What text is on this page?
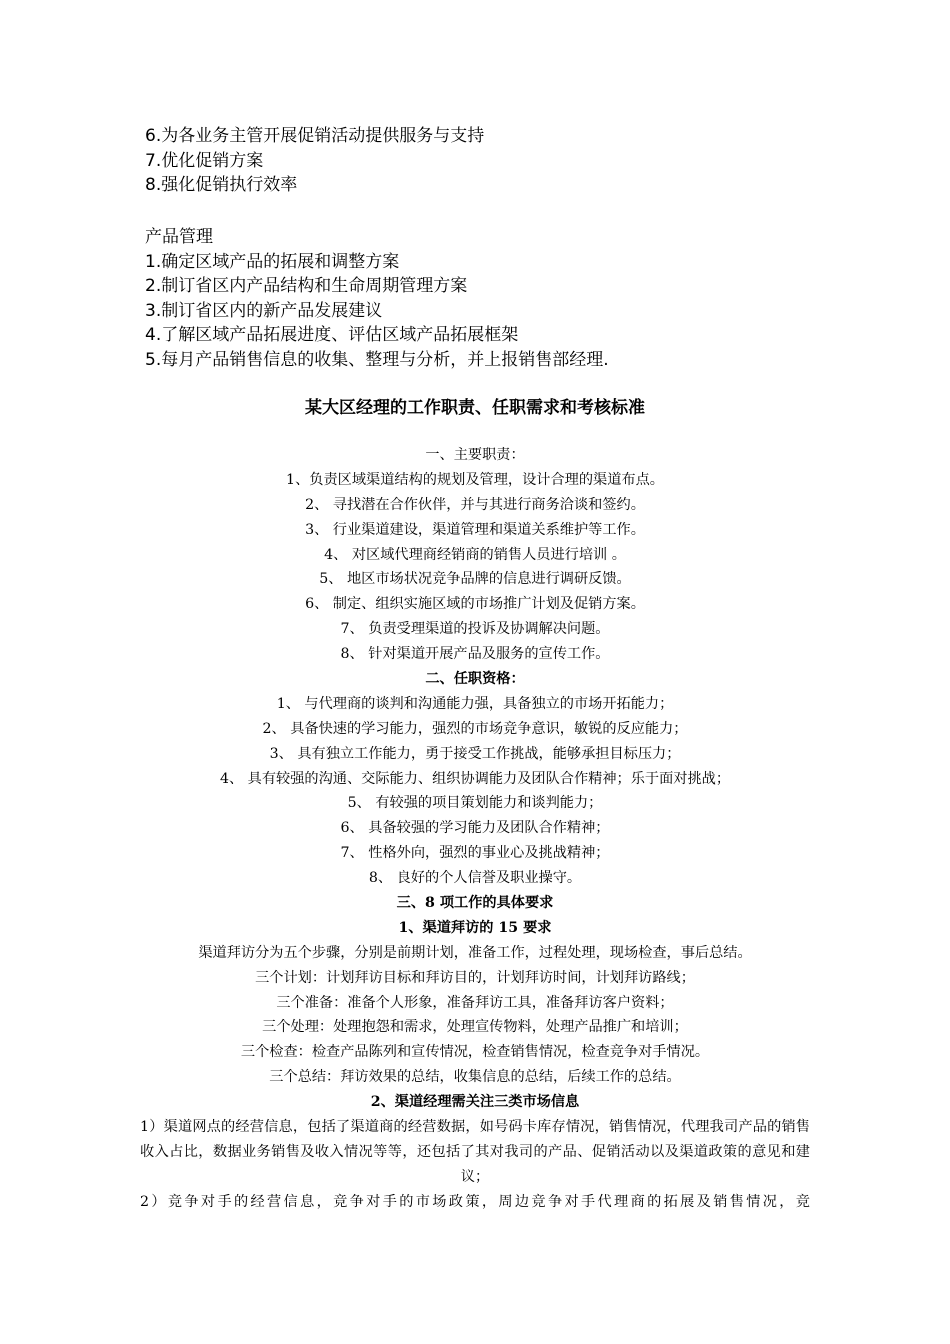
6.为各业务主管开展促销活动提供服务与支持
7.优化促销方案
8.强化促销执行效率
产品管理
1.确定区域产品的拓展和调整方案
2.制订省区内产品结构和生命周期管理方案
3.制订省区内的新产品发展建议
4.了解区域产品拓展进度、评估区域产品拓展框架
5.每月产品销售信息的收集、整理与分析，并上报销售部经理.
某大区经理的工作职责、任职需求和考核标准
一、主要职责：
1、负责区域渠道结构的规划及管理，设计合理的渠道布点。
2、 寻找潜在合作伙伴，并与其进行商务洽谈和签约。
3、 行业渠道建设，渠道管理和渠道关系维护等工作。
4、 对区域代理商经销商的销售人员进行培训 。
5、 地区市场状况竞争品牌的信息进行调研反馈。
6、 制定、组织实施区域的市场推广计划及促销方案。
7、 负责受理渠道的投诉及协调解决问题。
8、 针对渠道开展产品及服务的宣传工作。
二、任职资格：
1、 与代理商的谈判和沟通能力强，具备独立的市场开拓能力；
2、 具备快速的学习能力，强烈的市场竞争意识，敏锐的反应能力；
3、 具有独立工作能力，勇于接受工作挑战，能够承担目标压力；
4、 具有较强的沟通、交际能力、组织协调能力及团队合作精神；乐于面对挑战；
5、 有较强的项目策划能力和谈判能力；
6、 具备较强的学习能力及团队合作精神；
7、 性格外向，强烈的事业心及挑战精神；
8、 良好的个人信誉及职业操守。
三、8 项工作的具体要求
1、渠道拜访的 15 要求
渠道拜访分为五个步骤，分别是前期计划，准备工作，过程处理，现场检查，事后总结。
三个计划：计划拜访目标和拜访目的，计划拜访时间，计划拜访路线；
三个准备：准备个人形象，准备拜访工具，准备拜访客户资料；
三个处理：处理抱怨和需求，处理宣传物料，处理产品推广和培训；
三个检查：检查产品陈列和宣传情况，检查销售情况，检查竞争对手情况。
三个总结：拜访效果的总结，收集信息的总结，后续工作的总结。
2、渠道经理需关注三类市场信息
1）渠道网点的经营信息，包括了渠道商的经营数据，如号码卡库存情况，销售情况，代理我司产品的销售收入占比，数据业务销售及收入情况等等，还包括了其对我司的产品、促销活动以及渠道政策的意见和建议；
2）竞争对手的经营信息，竞争对手的市场政策，周边竞争对手代理商的拓展及销售情况，竞
